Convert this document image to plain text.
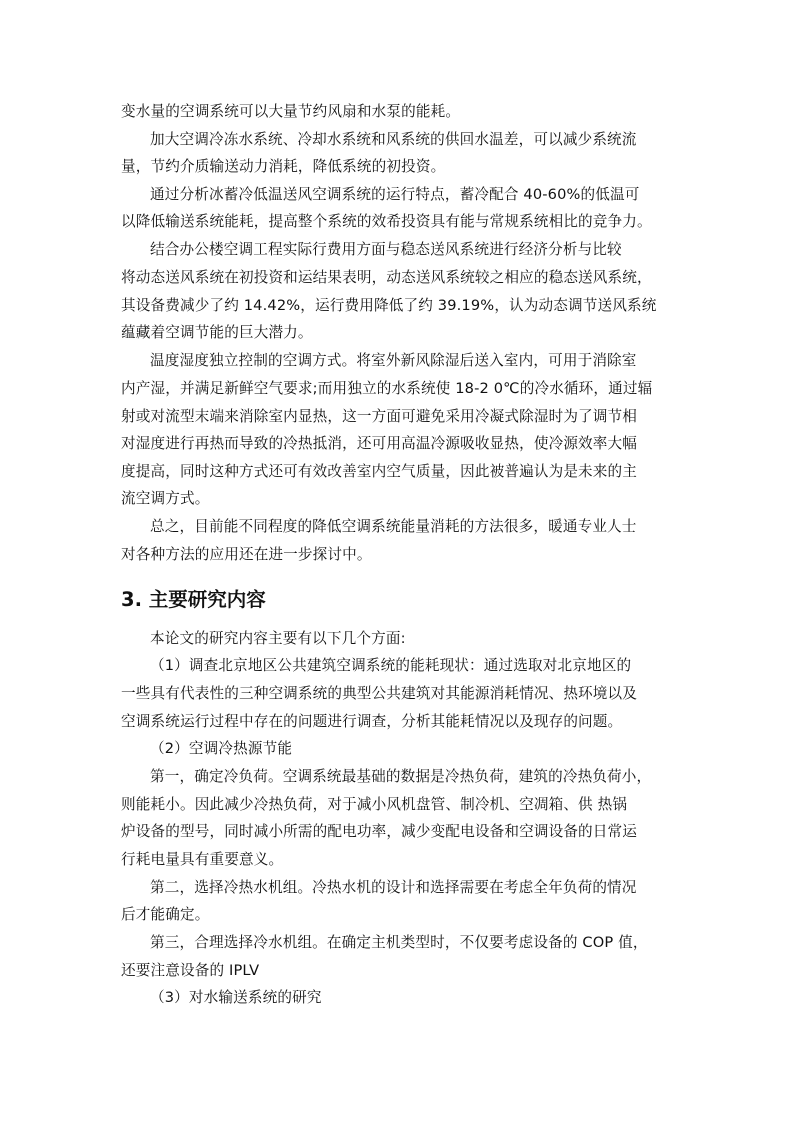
变水量的空调系统可以大量节约风扇和水泵的能耗。
加大空调冷冻水系统、冷却水系统和风系统的供回水温差，可以减少系统流
量，节约介质输送动力消耗，降低系统的初投资。
通过分析冰蓄冷低温送风空调系统的运行特点，蓄冷配合 40-60%的低温可
以降低输送系统能耗，提高整个系统的效希投资具有能与常规系统相比的竞争力。
结合办公楼空调工程实际行费用方面与稳态送风系统进行经济分析与比较
将动态送风系统在初投资和运结果表明，动态送风系统较之相应的稳态送风系统，
其设备费减少了约 14.42%，运行费用降低了约 39.19%，认为动态调节送风系统
蕴藏着空调节能的巨大潜力。
温度湿度独立控制的空调方式。将室外新风除湿后送入室内，可用于消除室
内产湿，并满足新鲜空气要求;而用独立的水系统使 18-2 0℃的冷水循环，通过辐
射或对流型末端来消除室内显热，这一方面可避免采用冷凝式除湿时为了调节相
对湿度进行再热而导致的冷热抵消，还可用高温冷源吸收显热，使冷源效率大幅
度提高，同时这种方式还可有效改善室内空气质量，因此被普遍认为是未来的主
流空调方式。
总之，目前能不同程度的降低空调系统能量消耗的方法很多，暖通专业人士
对各种方法的应用还在进一步探讨中。
3. 主要研究内容
本论文的研究内容主要有以下几个方面:
（1）调查北京地区公共建筑空调系统的能耗现状：通过选取对北京地区的
一些具有代表性的三种空调系统的典型公共建筑对其能源消耗情况、热环境以及
空调系统运行过程中存在的问题进行调查，分析其能耗情况以及现存的问题。
（2）空调冷热源节能
第一，确定冷负荷。空调系统最基础的数据是冷热负荷，建筑的冷热负荷小，
则能耗小。因此减少冷热负荷，对于减小风机盘管、制冷机、空凋箱、供 热锅
炉设备的型号，同时减小所需的配电功率，减少变配电设备和空调设备的日常运
行耗电量具有重要意义。
第二，选择冷热水机组。冷热水机的设计和选择需要在考虑全年负荷的情况
后才能确定。
第三，合理选择冷水机组。在确定主机类型时，不仅要考虑设备的 COP 值，
还要注意设备的 IPLV
（3）对水输送系统的研究
